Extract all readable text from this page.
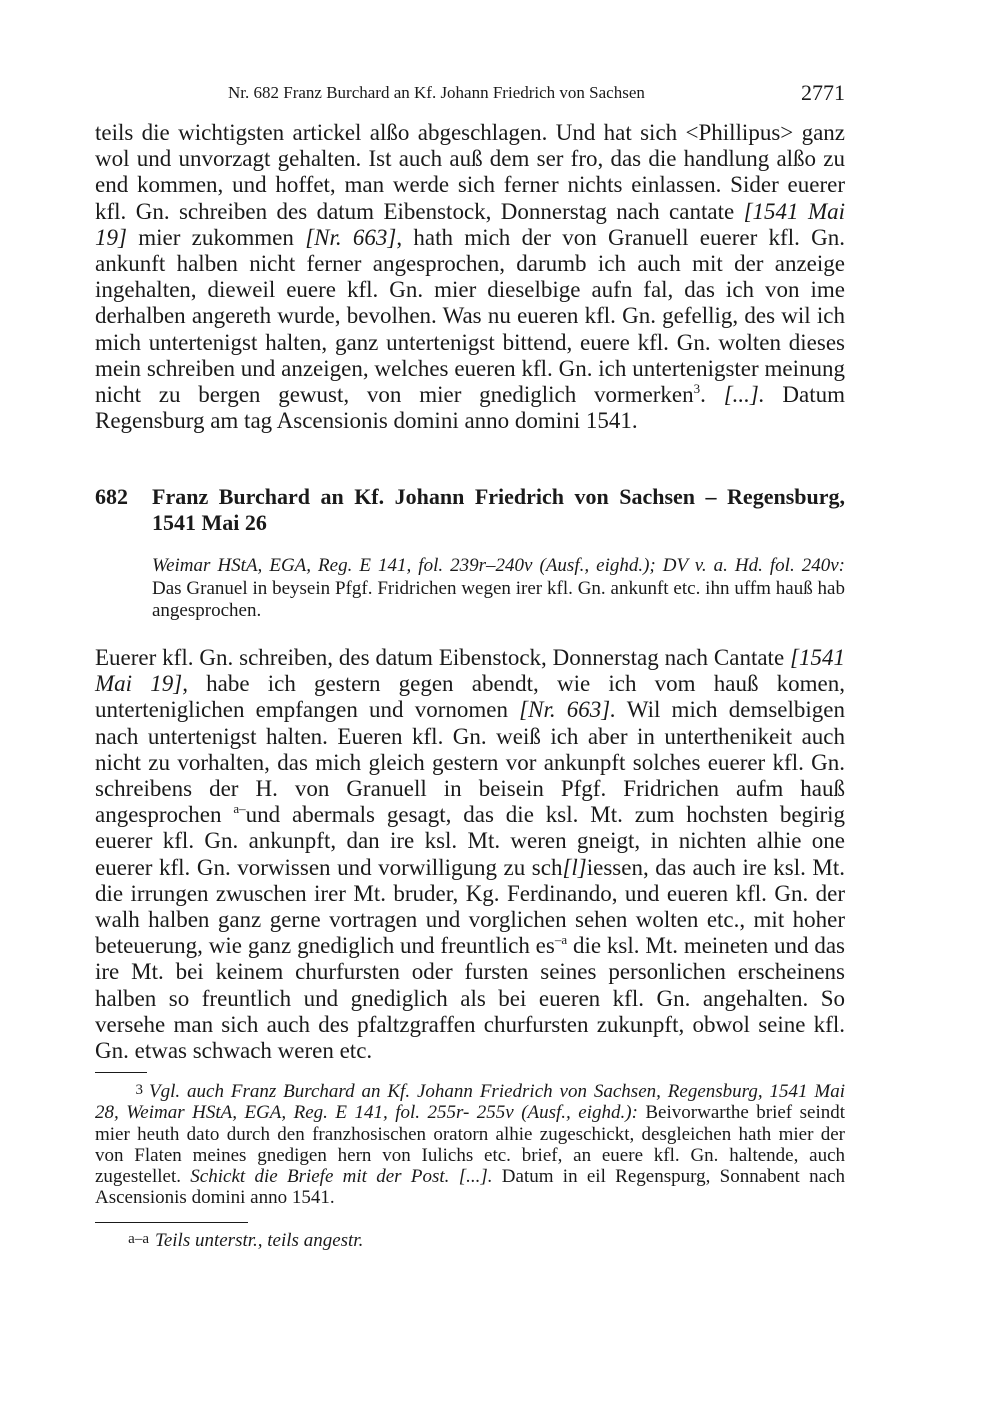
Nr. 682 Franz Burchard an Kf. Johann Friedrich von Sachsen	2771
teils die wichtigsten artickel alßo abgeschlagen. Und hat sich <Phillipus> ganz wol und unvorzagt gehalten. Ist auch auß dem ser fro, das die handlung alßo zu end kommen, und hoffet, man werde sich ferner nichts einlassen. Sider euerer kfl. Gn. schreiben des datum Eibenstock, Donnerstag nach cantate [1541 Mai 19] mier zukommen [Nr. 663], hath mich der von Granuell euerer kfl. Gn. ankunft halben nicht ferner angesprochen, darumb ich auch mit der anzeige ingehalten, dieweil euere kfl. Gn. mier dieselbige aufn fal, das ich von ime derhalben angereth wurde, bevolhen. Was nu eueren kfl. Gn. gefellig, des wil ich mich untertenigst halten, ganz untertenigst bittend, euere kfl. Gn. wolten dieses mein schreiben und anzeigen, welches eueren kfl. Gn. ich untertenigster meinung nicht zu bergen gewust, von mier gnediglich vormerken$^3$. [...]. Datum Regensburg am tag Ascensionis domini anno domini 1541.
682 Franz Burchard an Kf. Johann Friedrich von Sachsen – Regensburg, 1541 Mai 26
Weimar HStA, EGA, Reg. E 141, fol. 239r–240v (Ausf., eighd.); DV v. a. Hd. fol. 240v: Das Granuel in beysein Pfgf. Fridrichen wegen irer kfl. Gn. ankunft etc. ihn uffm hauß hab angesprochen.
Euerer kfl. Gn. schreiben, des datum Eibenstock, Donnerstag nach Cantate [1541 Mai 19], habe ich gestern gegen abendt, wie ich vom hauß komen, unterteniglichen empfangen und vornomen [Nr. 663]. Wil mich demselbigen nach untertenigst halten. Eueren kfl. Gn. weiß ich aber in unterthenikeit auch nicht zu vorhalten, das mich gleich gestern vor ankunpft solches euerer kfl. Gn. schreibens der H. von Granuell in beisein Pfgf. Fridrichen aufm hauß angesprochen $^{a-}$und abermals gesagt, das die ksl. Mt. zum hochsten begirig euerer kfl. Gn. ankunpft, dan ire ksl. Mt. weren gneigt, in nichten alhie one euerer kfl. Gn. vorwissen und vorwilligung zu sch[l]iessen, das auch ire ksl. Mt. die irrungen zwuschen irer Mt. bruder, Kg. Ferdinando, und eueren kfl. Gn. der walh halben ganz gerne vortragen und vorglichen sehen wolten etc., mit hoher beteuerung, wie ganz gnediglich und freuntlich $es^{-a}$ die ksl. Mt. meineten und das ire Mt. bei keinem churfursten oder fursten seines personlichen erscheinens halben so freuntlich und gnediglich als bei eueren kfl. Gn. angehalten. So versehe man sich auch des pfaltzgraffen churfursten zukunpft, obwol seine kfl. Gn. etwas schwach weren etc.
3 Vgl. auch Franz Burchard an Kf. Johann Friedrich von Sachsen, Regensburg, 1541 Mai 28, Weimar HStA, EGA, Reg. E 141, fol. 255r- 255v (Ausf., eighd.): Beivorwarthe brief seindt mier heuth dato durch den franzhosischen oratorn alhie zugeschickt, desgleichen hath mier der von Flaten meines gnedigen hern von Iulichs etc. brief, an euere kfl. Gn. haltende, auch zugestellet. Schickt die Briefe mit der Post. [...]. Datum in eil Regenspurg, Sonnabent nach Ascensionis domini anno 1541.
a–a Teils unterstr., teils angestr.
